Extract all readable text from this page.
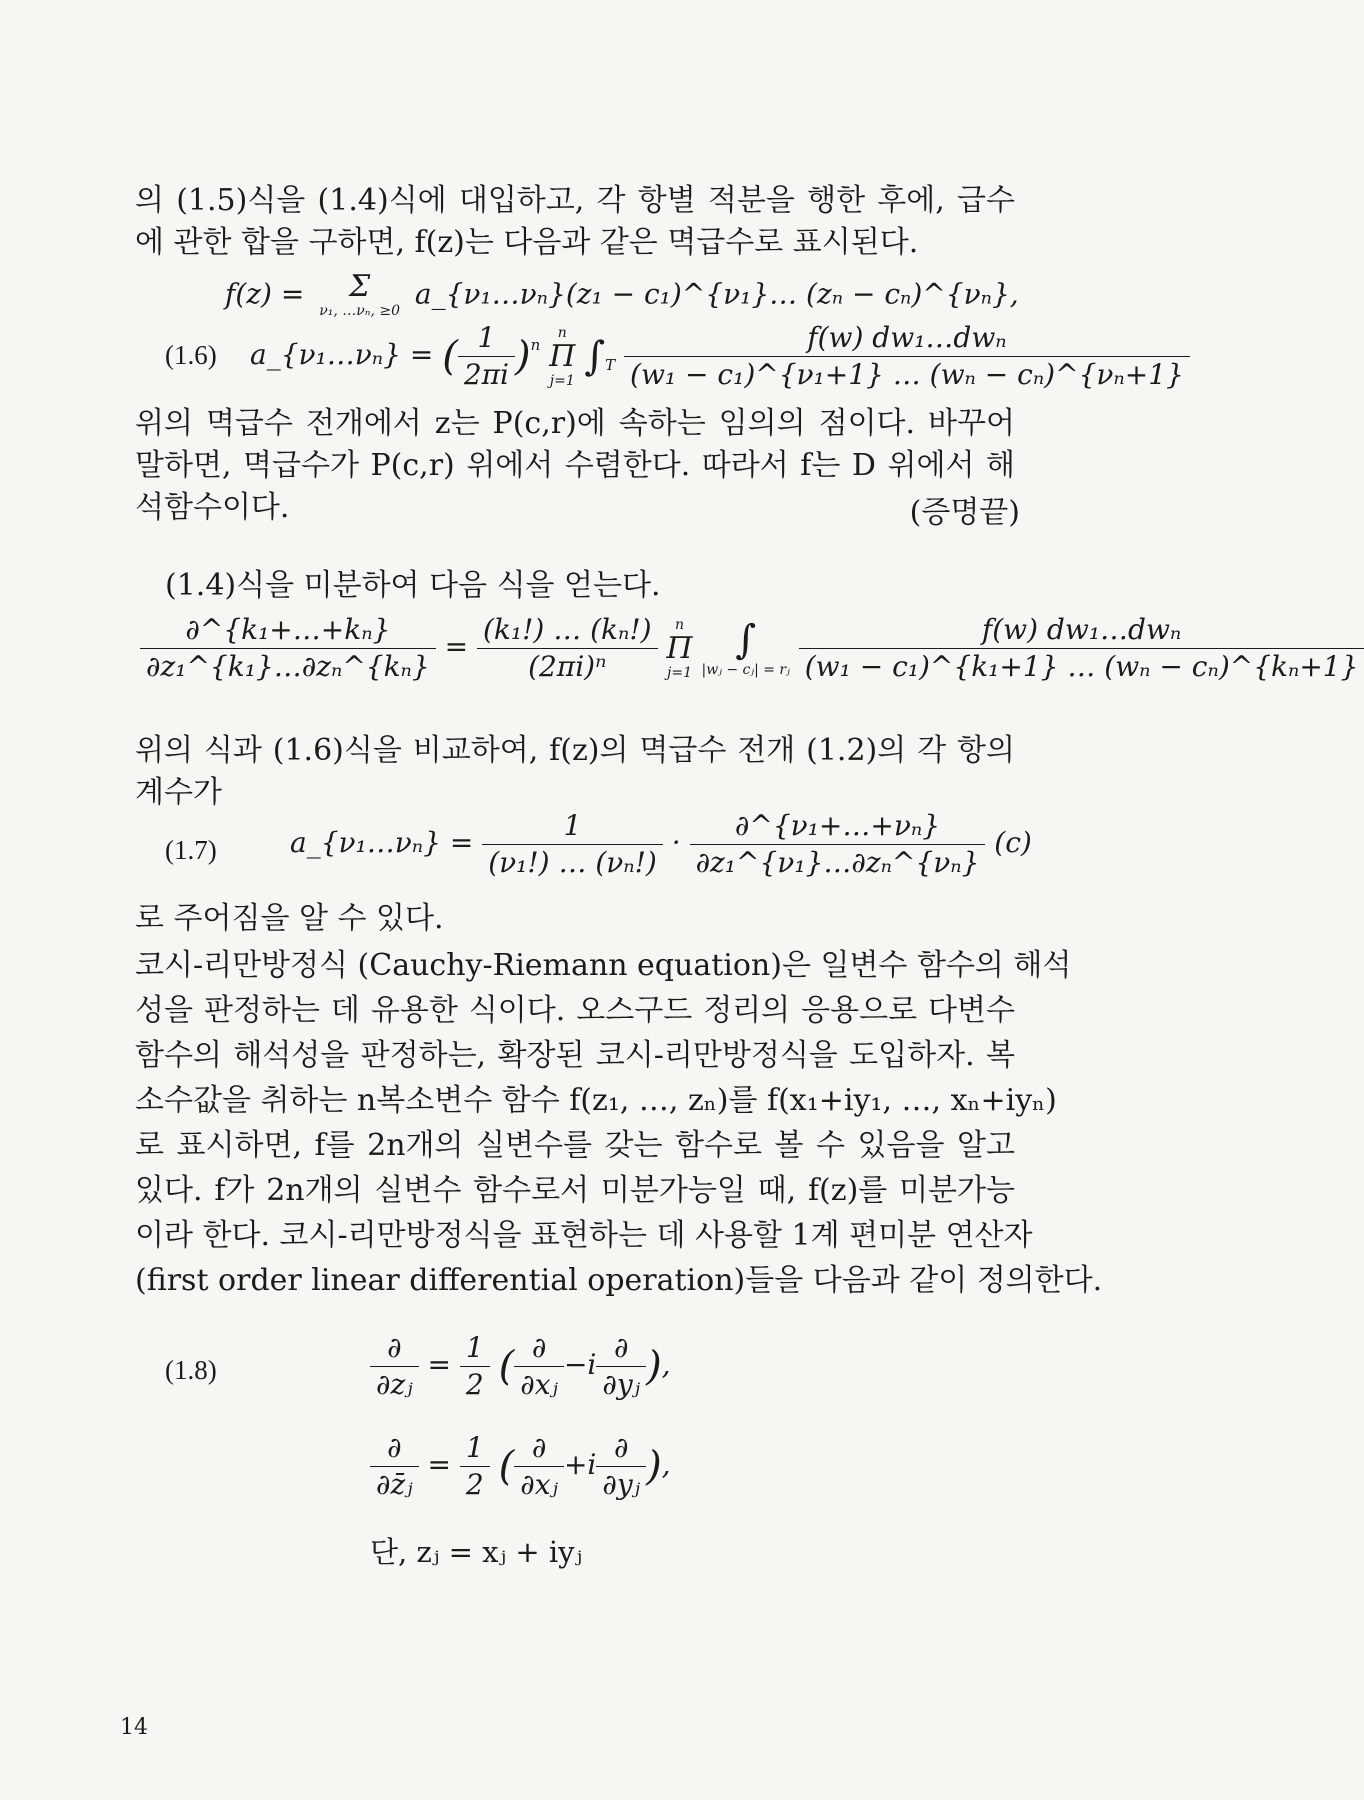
의 (1.5)식을 (1.4)식에 대입하고, 각 항별 적분을 행한 후에, 급수
에 관한 합을 구하면, f(z)는 다음과 같은 멱급수로 표시된다.
f(z) =	Σ
ν₁, …νₙ, ≥0
a_{ν₁…νₙ}(z₁ − c₁)^{ν₁}… (zₙ − cₙ)^{νₙ},
(1.6) a_{ν₁…νₙ} = ( $\frac{1}{2\pi i} )^n$
n
Π
j=1
$\int_T \frac{\text{f(w) dw₁…dwₙ}}{\text{(w₁ − c₁)\textasciicircum{}\{ν₁+1\} … (wₙ − cₙ)\textasciicircum{}\{νₙ+1\}}}$
위의 멱급수 전개에서 z는 P(c,r)에 속하는 임의의 점이다. 바꾸어
말하면, 멱급수가 P(c,r) 위에서 수렴한다. 따라서 f는 D 위에서 해
석함수이다.	(증명끝)
(1.4)식을 미분하여 다음 식을 얻는다.
$\frac{\text{∂\textasciicircum{}\{k₁+…+kₙ\}}}{\text{∂z₁\textasciicircum{}\{k₁\}…∂zₙ\textasciicircum{}\{kₙ\}}} = \frac{\text{(k₁!) … (kₙ!)}}{\text{(2πi)ⁿ}}$
	n
Π
j=1

∫
|wⱼ − cⱼ| = rⱼ
$\frac{\text{f(w) dw₁…dwₙ}}{\text{(w₁ − c₁)\textasciicircum{}\{k₁+1\} … (wₙ − cₙ)\textasciicircum{}\{kₙ+1\}}}$
위의 식과 (1.6)식을 비교하여, f(z)의 멱급수 전개 (1.2)의 각 항의
계수가
(1.7)	a_{ν₁…νₙ} = $\frac{1}{\text{(ν₁!) … (νₙ!)}} \cdot \frac{\text{∂\textasciicircum{}\{ν₁+…+νₙ\}}}{\text{∂z₁\textasciicircum{}\{ν₁\}…∂zₙ\textasciicircum{}\{νₙ\}}} (c)$
로 주어짐을 알 수 있다.
코시-리만방정식 (Cauchy-Riemann equation)은 일변수 함수의 해석
성을 판정하는 데 유용한 식이다. 오스구드 정리의 응용으로 다변수
함수의 해석성을 판정하는, 확장된 코시-리만방정식을 도입하자. 복
소수값을 취하는 n복소변수 함수 f(z₁, …, zₙ)를 f(x₁+iy₁, …, xₙ+iyₙ)
로 표시하면, f를 2n개의 실변수를 갖는 함수로 볼 수 있음을 알고
있다. f가 2n개의 실변수 함수로서 미분가능일 때, f(z)를 미분가능
이라 한다. 코시-리만방정식을 표현하는 데 사용할 1계 편미분 연산자
(first order linear differential operation)들을 다음과 같이 정의한다.
(1.8)	$\frac{\partial}{\text{∂zⱼ}} = \frac{1}{2}$ ( $\frac{\partial}{\text{∂xⱼ}} -i \frac{\partial}{\text{∂yⱼ}}$ ),
$\frac{\partial}{\text{∂z̄ⱼ}} = \frac{1}{2}$ ( $\frac{\partial}{\text{∂xⱼ}} +i \frac{\partial}{\text{∂yⱼ}}$ ),
단, zⱼ = xⱼ + iyⱼ
14
